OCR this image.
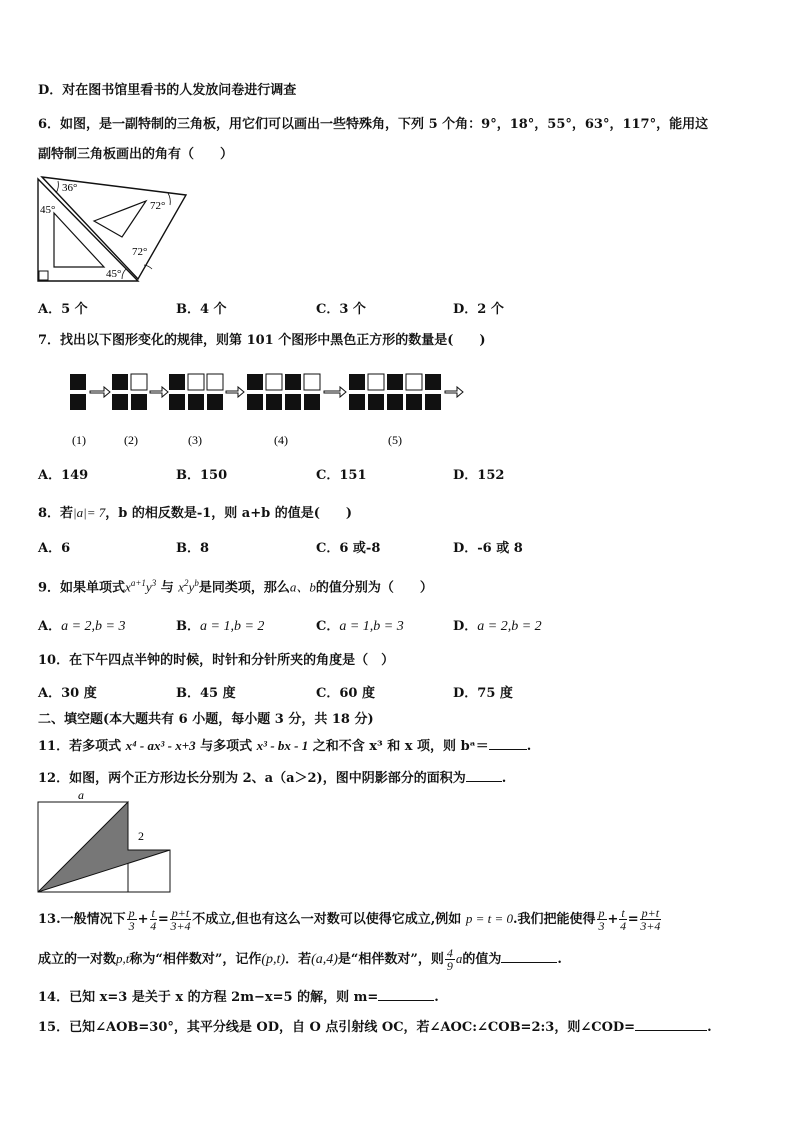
D．对在图书馆里看书的人发放问卷进行调查
6．如图，是一副特制的三角板，用它们可以画出一些特殊角，下列 5 个角：9°，18°，55°，63°，117°，能用这
副特制三角板画出的角有（　　）
36°
45°	72°
72°
45°
A．5 个	B．4 个	C．3 个	D．2 个
7．找出以下图形变化的规律，则第 101 个图形中黑色正方形的数量是(　　)
(1)	(2)	(3)	(4)	(5)
A．149	B．150	C．151	D．152
8．若|a|= 7，b 的相反数是-1，则 a+b 的值是(　　)
A．6	B．8	C．6 或-8	D．-6 或 8
9．如果单项式$x^{a+1}y^3$ 与 $x^2y^b$是同类项，那么a、b的值分别为（　　）
A．a = 2,b = 3	B．a = 1,b = 2	C．a = 1,b = 3	D．a = 2,b = 2
10．在下午四点半钟的时候，时针和分针所夹的角度是（　）
A．30 度	B．45 度	C．60 度	D．75 度
二、填空题(本大题共有 6 小题，每小题 3 分，共 18 分)
11．若多项式 x⁴ - ax³ - x+3 与多项式 x³ - bx - 1 之和不含 x³ 和 x 项，则 bᵃ＝	.
12．如图，两个正方形边长分别为 2、a（a＞2)，图中阴影部分的面积为	.
a
2
13.一般情况下 $\frac{p}{3} + \frac{t}{4} = \frac{p+t}{3+4}$ 不成立,但也有这么一对数可以使得它成立,例如 p = t = 0.我们把能使得 $\frac{p}{3} + \frac{t}{4} = \frac{p+t}{3+4}$
成立的一对数p,t称为“相伴数对”，记作(p,t)．若(a,4)是“相伴数对”，则 $\frac{4}{9}$ a的值为	.
14．已知 x=3 是关于 x 的方程 2m−x=5 的解，则 m=	.
15．已知∠AOB=30°，其平分线是 OD，自 O 点引射线 OC，若∠AOC:∠COB=2:3，则∠COD=	.
